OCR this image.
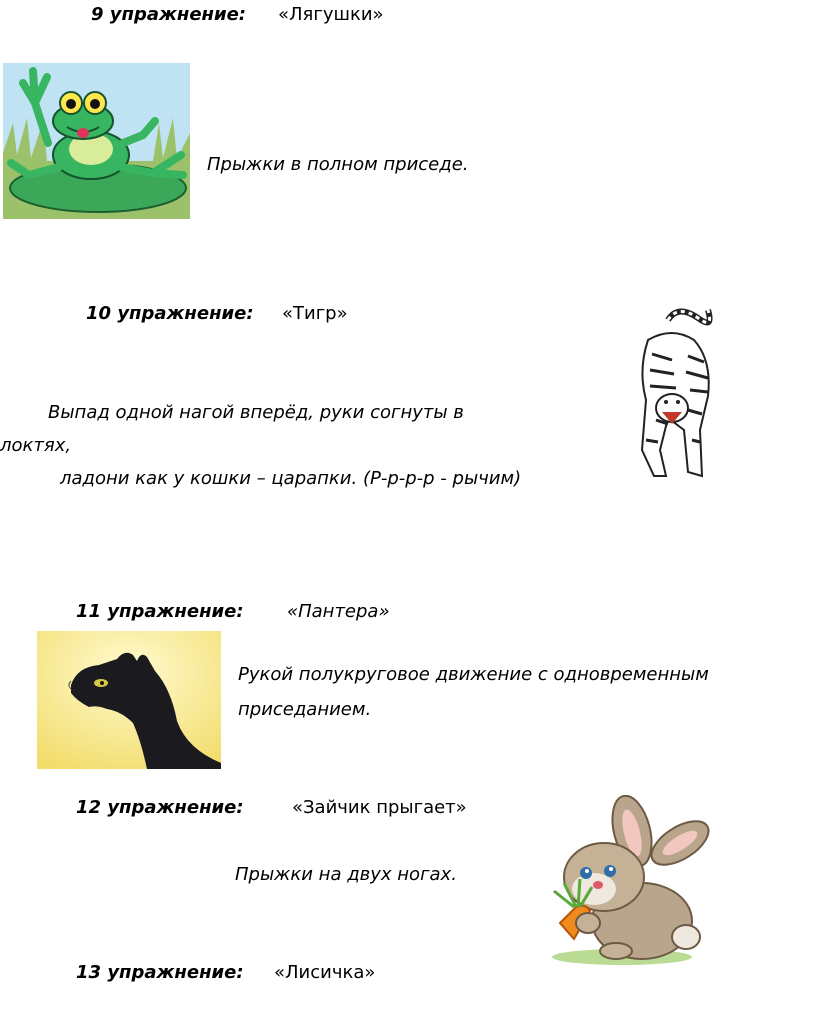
9 упражнение: «Лягушки»
Прыжки в полном приседе.
10 упражнение: «Тигр»
Выпад одной нагой вперёд, руки согнуты в
локтях,
ладони как у кошки – царапки. (Р-р-р-р - рычим)
11 упражнение: «Пантера»
Рукой полукруговое движение с одновременным
приседанием.
12 упражнение:	«Зайчик прыгает»
Прыжки на двух ногах.
13 упражнение: «Лисичка»
